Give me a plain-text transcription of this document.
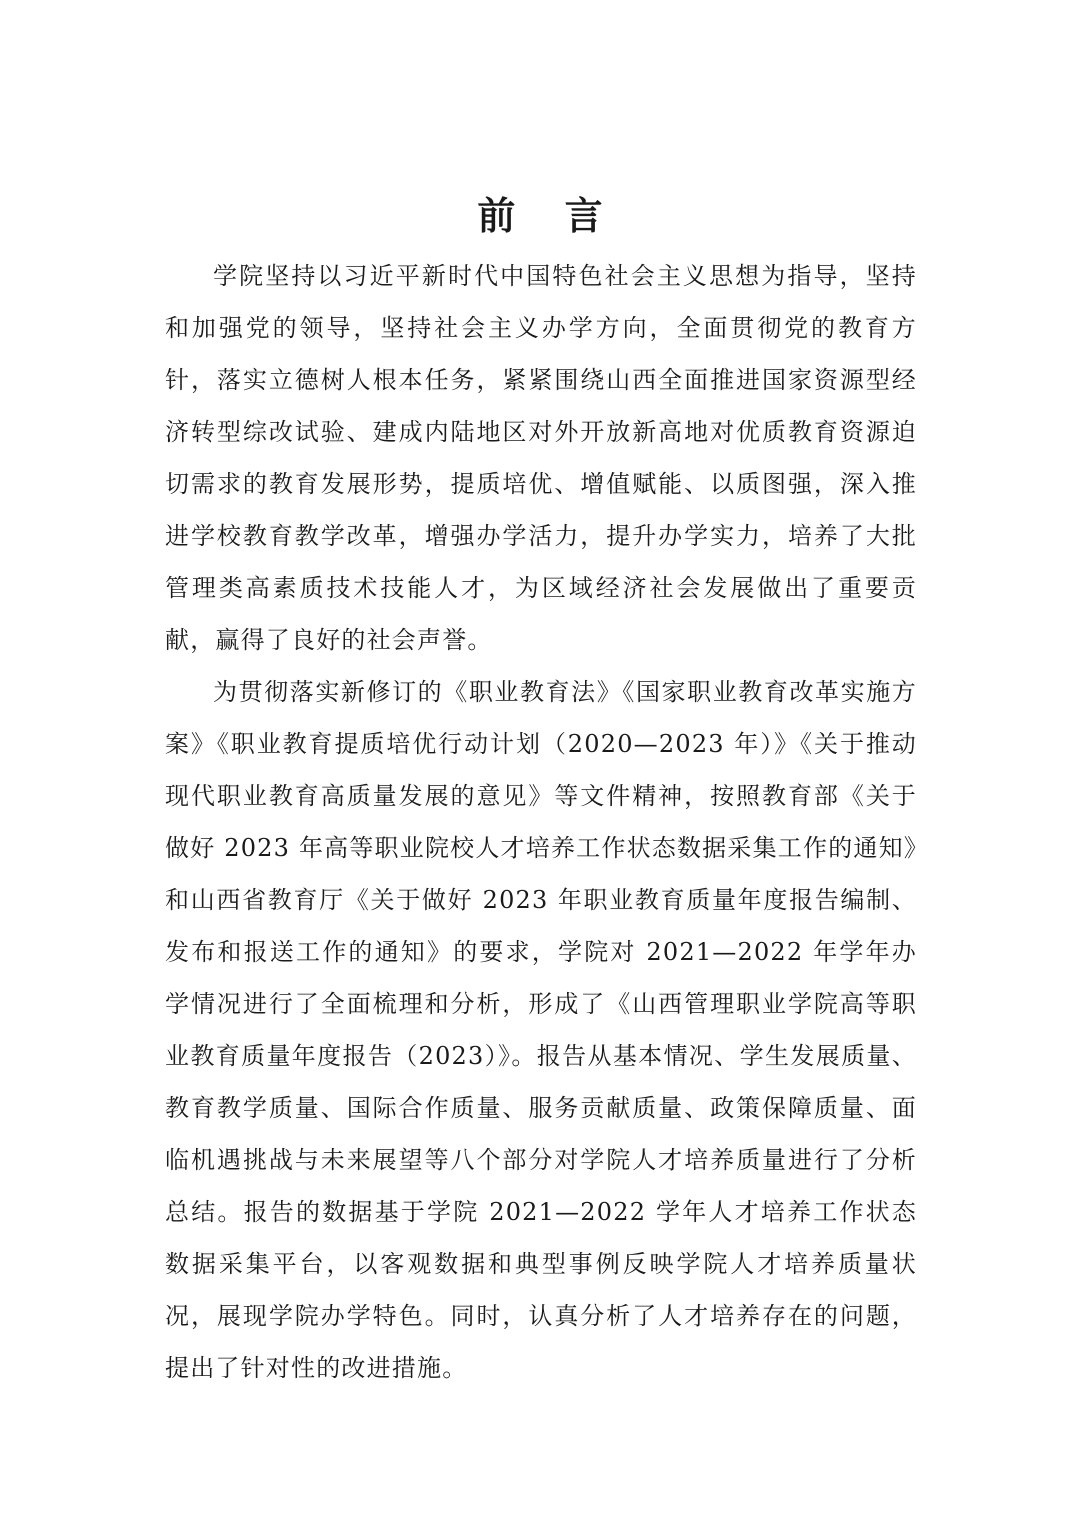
前 言

学院坚持以习近平新时代中国特色社会主义思想为指导，坚持和加强党的领导，坚持社会主义办学方向，全面贯彻党的教育方针，落实立德树人根本任务，紧紧围绕山西全面推进国家资源型经济转型综改试验、建成内陆地区对外开放新高地对优质教育资源迫切需求的教育发展形势，提质培优、增值赋能、以质图强，深入推进学校教育教学改革，增强办学活力，提升办学实力，培养了大批管理类高素质技术技能人才，为区域经济社会发展做出了重要贡献，赢得了良好的社会声誉。

为贯彻落实新修订的《职业教育法》《国家职业教育改革实施方案》《职业教育提质培优行动计划（2020—2023 年）》《关于推动现代职业教育高质量发展的意见》等文件精神，按照教育部《关于做好 2023 年高等职业院校人才培养工作状态数据采集工作的通知》和山西省教育厅《关于做好 2023 年职业教育质量年度报告编制、发布和报送工作的通知》的要求，学院对 2021—2022 年学年办学情况进行了全面梳理和分析，形成了《山西管理职业学院高等职业教育质量年度报告（2023）》。报告从基本情况、学生发展质量、教育教学质量、国际合作质量、服务贡献质量、政策保障质量、面临机遇挑战与未来展望等八个部分对学院人才培养质量进行了分析总结。报告的数据基于学院 2021—2022 学年人才培养工作状态数据采集平台，以客观数据和典型事例反映学院人才培养质量状况，展现学院办学特色。同时，认真分析了人才培养存在的问题，提出了针对性的改进措施。
